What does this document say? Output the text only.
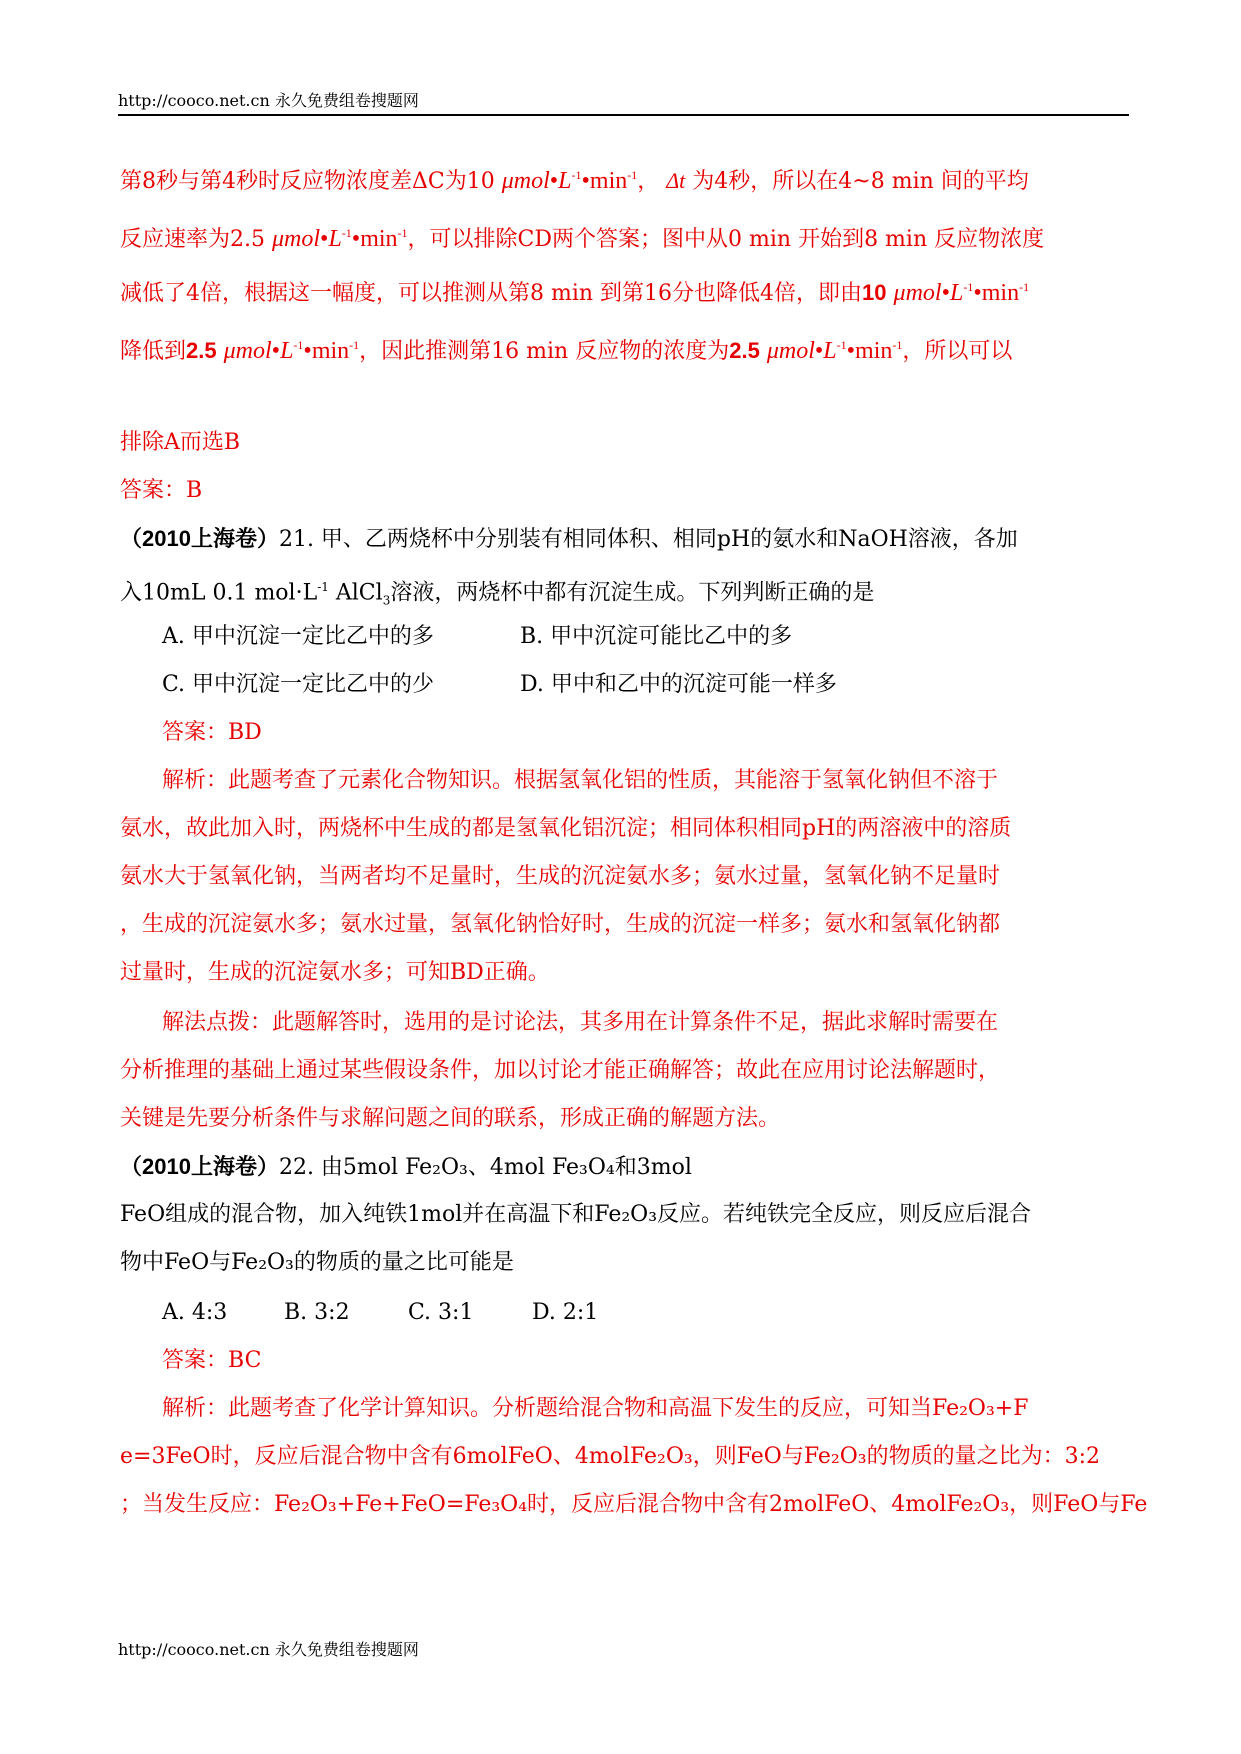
http://cooco.net.cn 永久免费组卷搜题网
第8秒与第4秒时反应物浓度差ΔC为10 $\mu mol•L^{-1}•\min^{-1}$， Δt 为4秒，所以在4~8 min 间的平均
反应速率为2.5 $\mu mol•L^{-1}•\min^{-1}$，可以排除CD两个答案；图中从0 min 开始到8 min 反应物浓度
减低了4倍，根据这一幅度，可以推测从第8 min 到第16分也降低4倍，即由10 $\mu mol•L^{-1}•\min^{-1}$
降低到2.5 $\mu mol•L^{-1}•\min^{-1}$，因此推测第16 min 反应物的浓度为2.5 $\mu mol•L^{-1}•\min^{-1}$，所以可以
排除A而选B
答案：B
（2010上海卷）21. 甲、乙两烧杯中分别装有相同体积、相同pH的氨水和NaOH溶液，各加
入10mL 0.1 $mol\cdot L^{-1}$ AlCl$_3$溶液，两烧杯中都有沉淀生成。下列判断正确的是
A. 甲中沉淀一定比乙中的多	B. 甲中沉淀可能比乙中的多
C. 甲中沉淀一定比乙中的少	D. 甲中和乙中的沉淀可能一样多
答案：BD
解析：此题考查了元素化合物知识。根据氢氧化铝的性质，其能溶于氢氧化钠但不溶于
氨水，故此加入时，两烧杯中生成的都是氢氧化铝沉淀；相同体积相同pH的两溶液中的溶质
氨水大于氢氧化钠，当两者均不足量时，生成的沉淀氨水多；氨水过量，氢氧化钠不足量时
，生成的沉淀氨水多；氨水过量，氢氧化钠恰好时，生成的沉淀一样多；氨水和氢氧化钠都
过量时，生成的沉淀氨水多；可知BD正确。
解法点拨：此题解答时，选用的是讨论法，其多用在计算条件不足，据此求解时需要在
分析推理的基础上通过某些假设条件，加以讨论才能正确解答；故此在应用讨论法解题时，
关键是先要分析条件与求解问题之间的联系，形成正确的解题方法。
（2010上海卷）22. 由5mol Fe₂O₃、4mol Fe₃O₄和3mol
FeO组成的混合物，加入纯铁1mol并在高温下和Fe₂O₃反应。若纯铁完全反应，则反应后混合
物中FeO与Fe₂O₃的物质的量之比可能是
A. 4:3	B. 3:2	C. 3:1	D. 2:1
答案：BC
解析：此题考查了化学计算知识。分析题给混合物和高温下发生的反应，可知当Fe₂O₃+F
e=3FeO时，反应后混合物中含有6molFeO、4molFe₂O₃，则FeO与Fe₂O₃的物质的量之比为：3:2
；当发生反应：Fe₂O₃+Fe+FeO=Fe₃O₄时，反应后混合物中含有2molFeO、4molFe₂O₃，则FeO与Fe
http://cooco.net.cn 永久免费组卷搜题网
